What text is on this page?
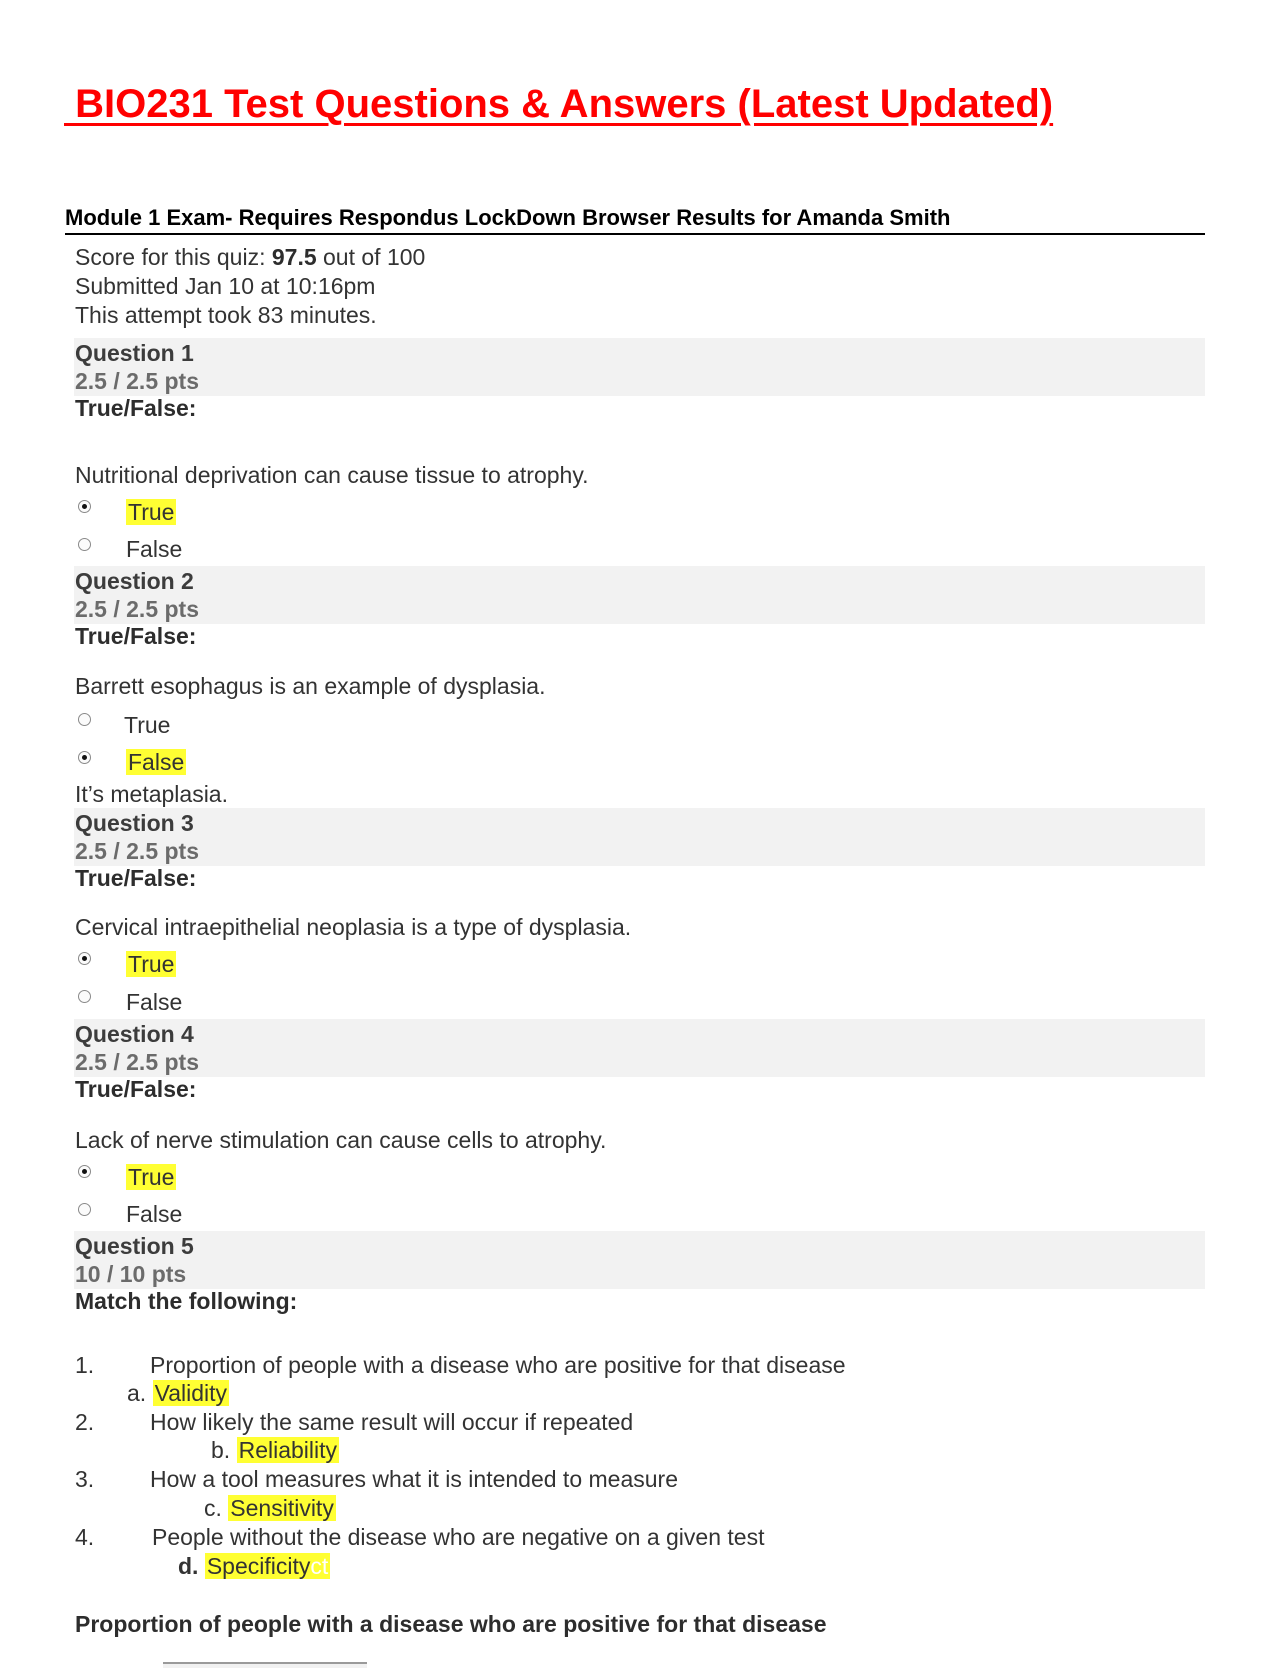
BIO231 Test Questions & Answers (Latest Updated)
Module 1 Exam- Requires Respondus LockDown Browser Results for Amanda Smith
Score for this quiz: 97.5 out of 100
Submitted Jan 10 at 10:16pm
This attempt took 83 minutes.
Question 1
2.5 / 2.5 pts
True/False:
Nutritional deprivation can cause tissue to atrophy.
True
False
Question 2
2.5 / 2.5 pts
True/False:
Barrett esophagus is an example of dysplasia.
True
False
It’s metaplasia.
Question 3
2.5 / 2.5 pts
True/False:
Cervical intraepithelial neoplasia is a type of dysplasia.
True
False
Question 4
2.5 / 2.5 pts
True/False:
Lack of nerve stimulation can cause cells to atrophy.
True
False
Question 5
10 / 10 pts
Match the following:
1. Proportion of people with a disease who are positive for that disease
a. Validity
2. How likely the same result will occur if repeated
b. Reliability
3. How a tool measures what it is intended to measure
c. Sensitivity
4.	People without the disease who are negative on a given test
d. Specificityct
Proportion of people with a disease who are positive for that disease
